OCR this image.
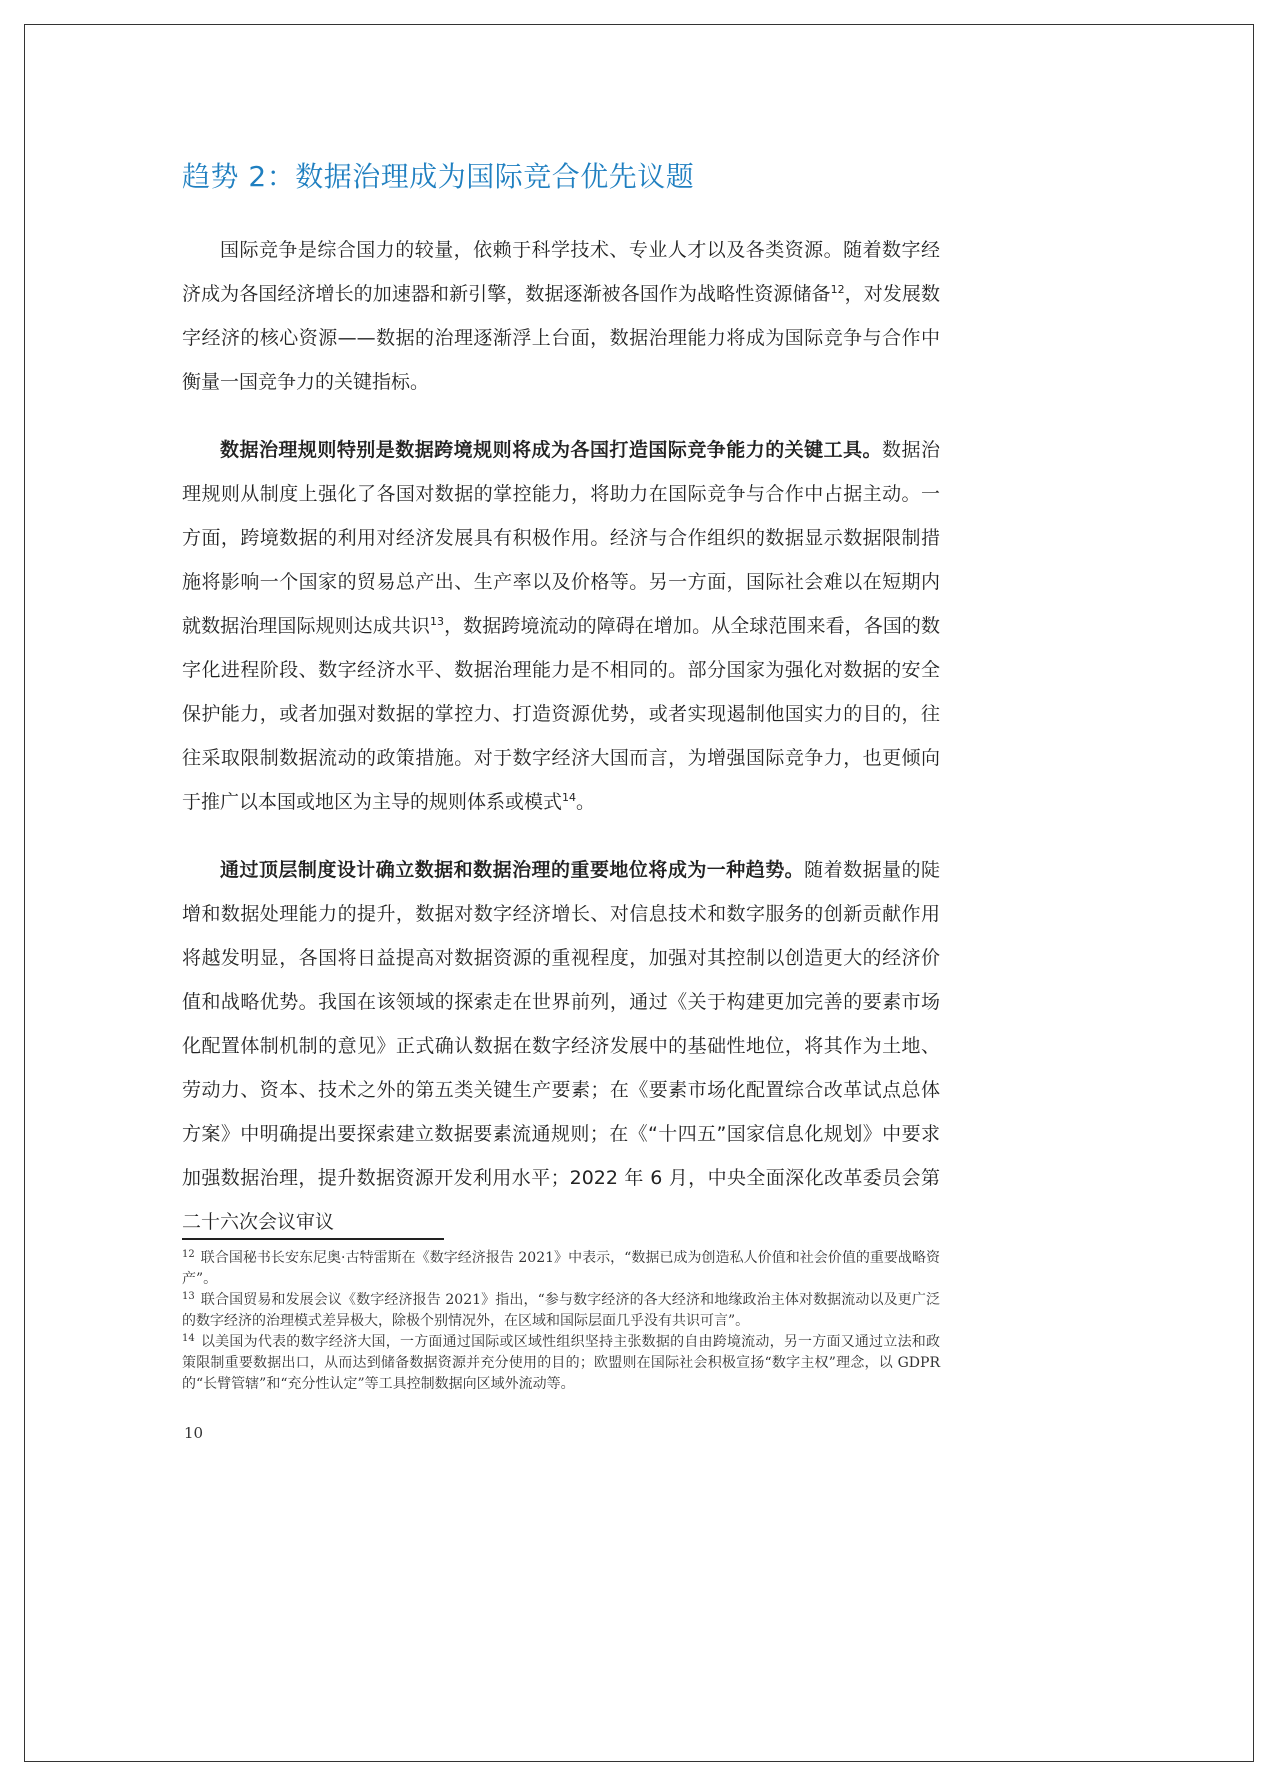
趋势 2：数据治理成为国际竞合优先议题

国际竞争是综合国力的较量，依赖于科学技术、专业人才以及各类资源。随着数字经济成为各国经济增长的加速器和新引擎，数据逐渐被各国作为战略性资源储备$^{12}$，对发展数字经济的核心资源——数据的治理逐渐浮上台面，数据治理能力将成为国际竞争与合作中衡量一国竞争力的关键指标。

数据治理规则特别是数据跨境规则将成为各国打造国际竞争能力的关键工具。数据治理规则从制度上强化了各国对数据的掌控能力，将助力在国际竞争与合作中占据主动。一方面，跨境数据的利用对经济发展具有积极作用。经济与合作组织的数据显示数据限制措施将影响一个国家的贸易总产出、生产率以及价格等。另一方面，国际社会难以在短期内就数据治理国际规则达成共识$^{13}$，数据跨境流动的障碍在增加。从全球范围来看，各国的数字化进程阶段、数字经济水平、数据治理能力是不相同的。部分国家为强化对数据的安全保护能力，或者加强对数据的掌控力、打造资源优势，或者实现遏制他国实力的目的，往往采取限制数据流动的政策措施。对于数字经济大国而言，为增强国际竞争力，也更倾向于推广以本国或地区为主导的规则体系或模式$^{14}$。

通过顶层制度设计确立数据和数据治理的重要地位将成为一种趋势。随着数据量的陡增和数据处理能力的提升，数据对数字经济增长、对信息技术和数字服务的创新贡献作用将越发明显，各国将日益提高对数据资源的重视程度，加强对其控制以创造更大的经济价值和战略优势。我国在该领域的探索走在世界前列，通过《关于构建更加完善的要素市场化配置体制机制的意见》正式确认数据在数字经济发展中的基础性地位，将其作为土地、劳动力、资本、技术之外的第五类关键生产要素；在《要素市场化配置综合改革试点总体方案》中明确提出要探索建立数据要素流通规则；在《“十四五”国家信息化规划》中要求加强数据治理，提升数据资源开发利用水平；2022 年 6 月，中央全面深化改革委员会第二十六次会议审议

$^{12}$ 联合国秘书长安东尼奥·古特雷斯在《数字经济报告 2021》中表示，“数据已成为创造私人价值和社会价值的重要战略资产”。

$^{13}$ 联合国贸易和发展会议《数字经济报告 2021》指出，“参与数字经济的各大经济和地缘政治主体对数据流动以及更广泛的数字经济的治理模式差异极大，除极个别情况外，在区域和国际层面几乎没有共识可言”。

$^{14}$ 以美国为代表的数字经济大国，一方面通过国际或区域性组织坚持主张数据的自由跨境流动，另一方面又通过立法和政策限制重要数据出口，从而达到储备数据资源并充分使用的目的；欧盟则在国际社会积极宣扬“数字主权”理念，以 GDPR 的“长臂管辖”和“充分性认定”等工具控制数据向区域外流动等。

10
